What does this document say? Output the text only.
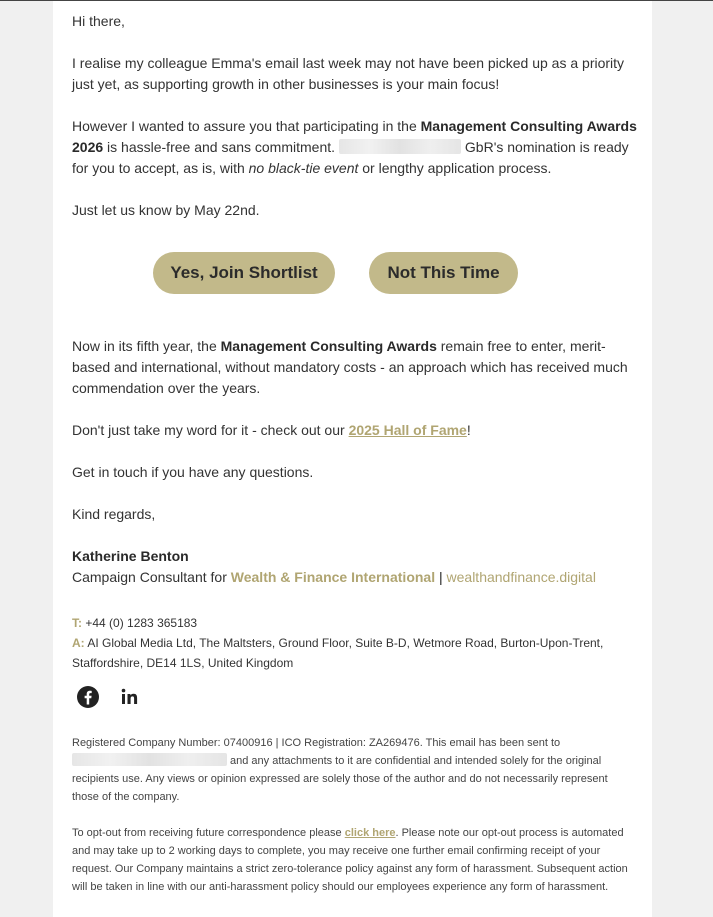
Hi there,
I realise my colleague Emma's email last week may not have been picked up as a priority just yet, as supporting growth in other businesses is your main focus!
However I wanted to assure you that participating in the Management Consulting Awards 2026 is hassle-free and sans commitment.	GbR's nomination is ready for you to accept, as is, with no black-tie event or lengthy application process.
Just let us know by May 22nd.
Yes, Join Shortlist	Not This Time
Now in its fifth year, the Management Consulting Awards remain free to enter, merit-based and international, without mandatory costs - an approach which has received much commendation over the years.
Don't just take my word for it - check out our 2025 Hall of Fame!
Get in touch if you have any questions.
Kind regards,
Katherine Benton
Campaign Consultant for Wealth & Finance International | wealthandfinance.digital
T: +44 (0) 1283 365183
A: AI Global Media Ltd, The Maltsters, Ground Floor, Suite B-D, Wetmore Road, Burton-Upon-Trent, Staffordshire, DE14 1LS, United Kingdom
Registered Company Number: 07400916 | ICO Registration: ZA269476. This email has been sent to
and any attachments to it are confidential and intended solely for the original recipients use. Any views or opinion expressed are solely those of the author and do not necessarily represent those of the company.
To opt-out from receiving future correspondence please click here. Please note our opt-out process is automated and may take up to 2 working days to complete, you may receive one further email confirming receipt of your request. Our Company maintains a strict zero-tolerance policy against any form of harassment. Subsequent action will be taken in line with our anti-harassment policy should our employees experience any form of harassment.
